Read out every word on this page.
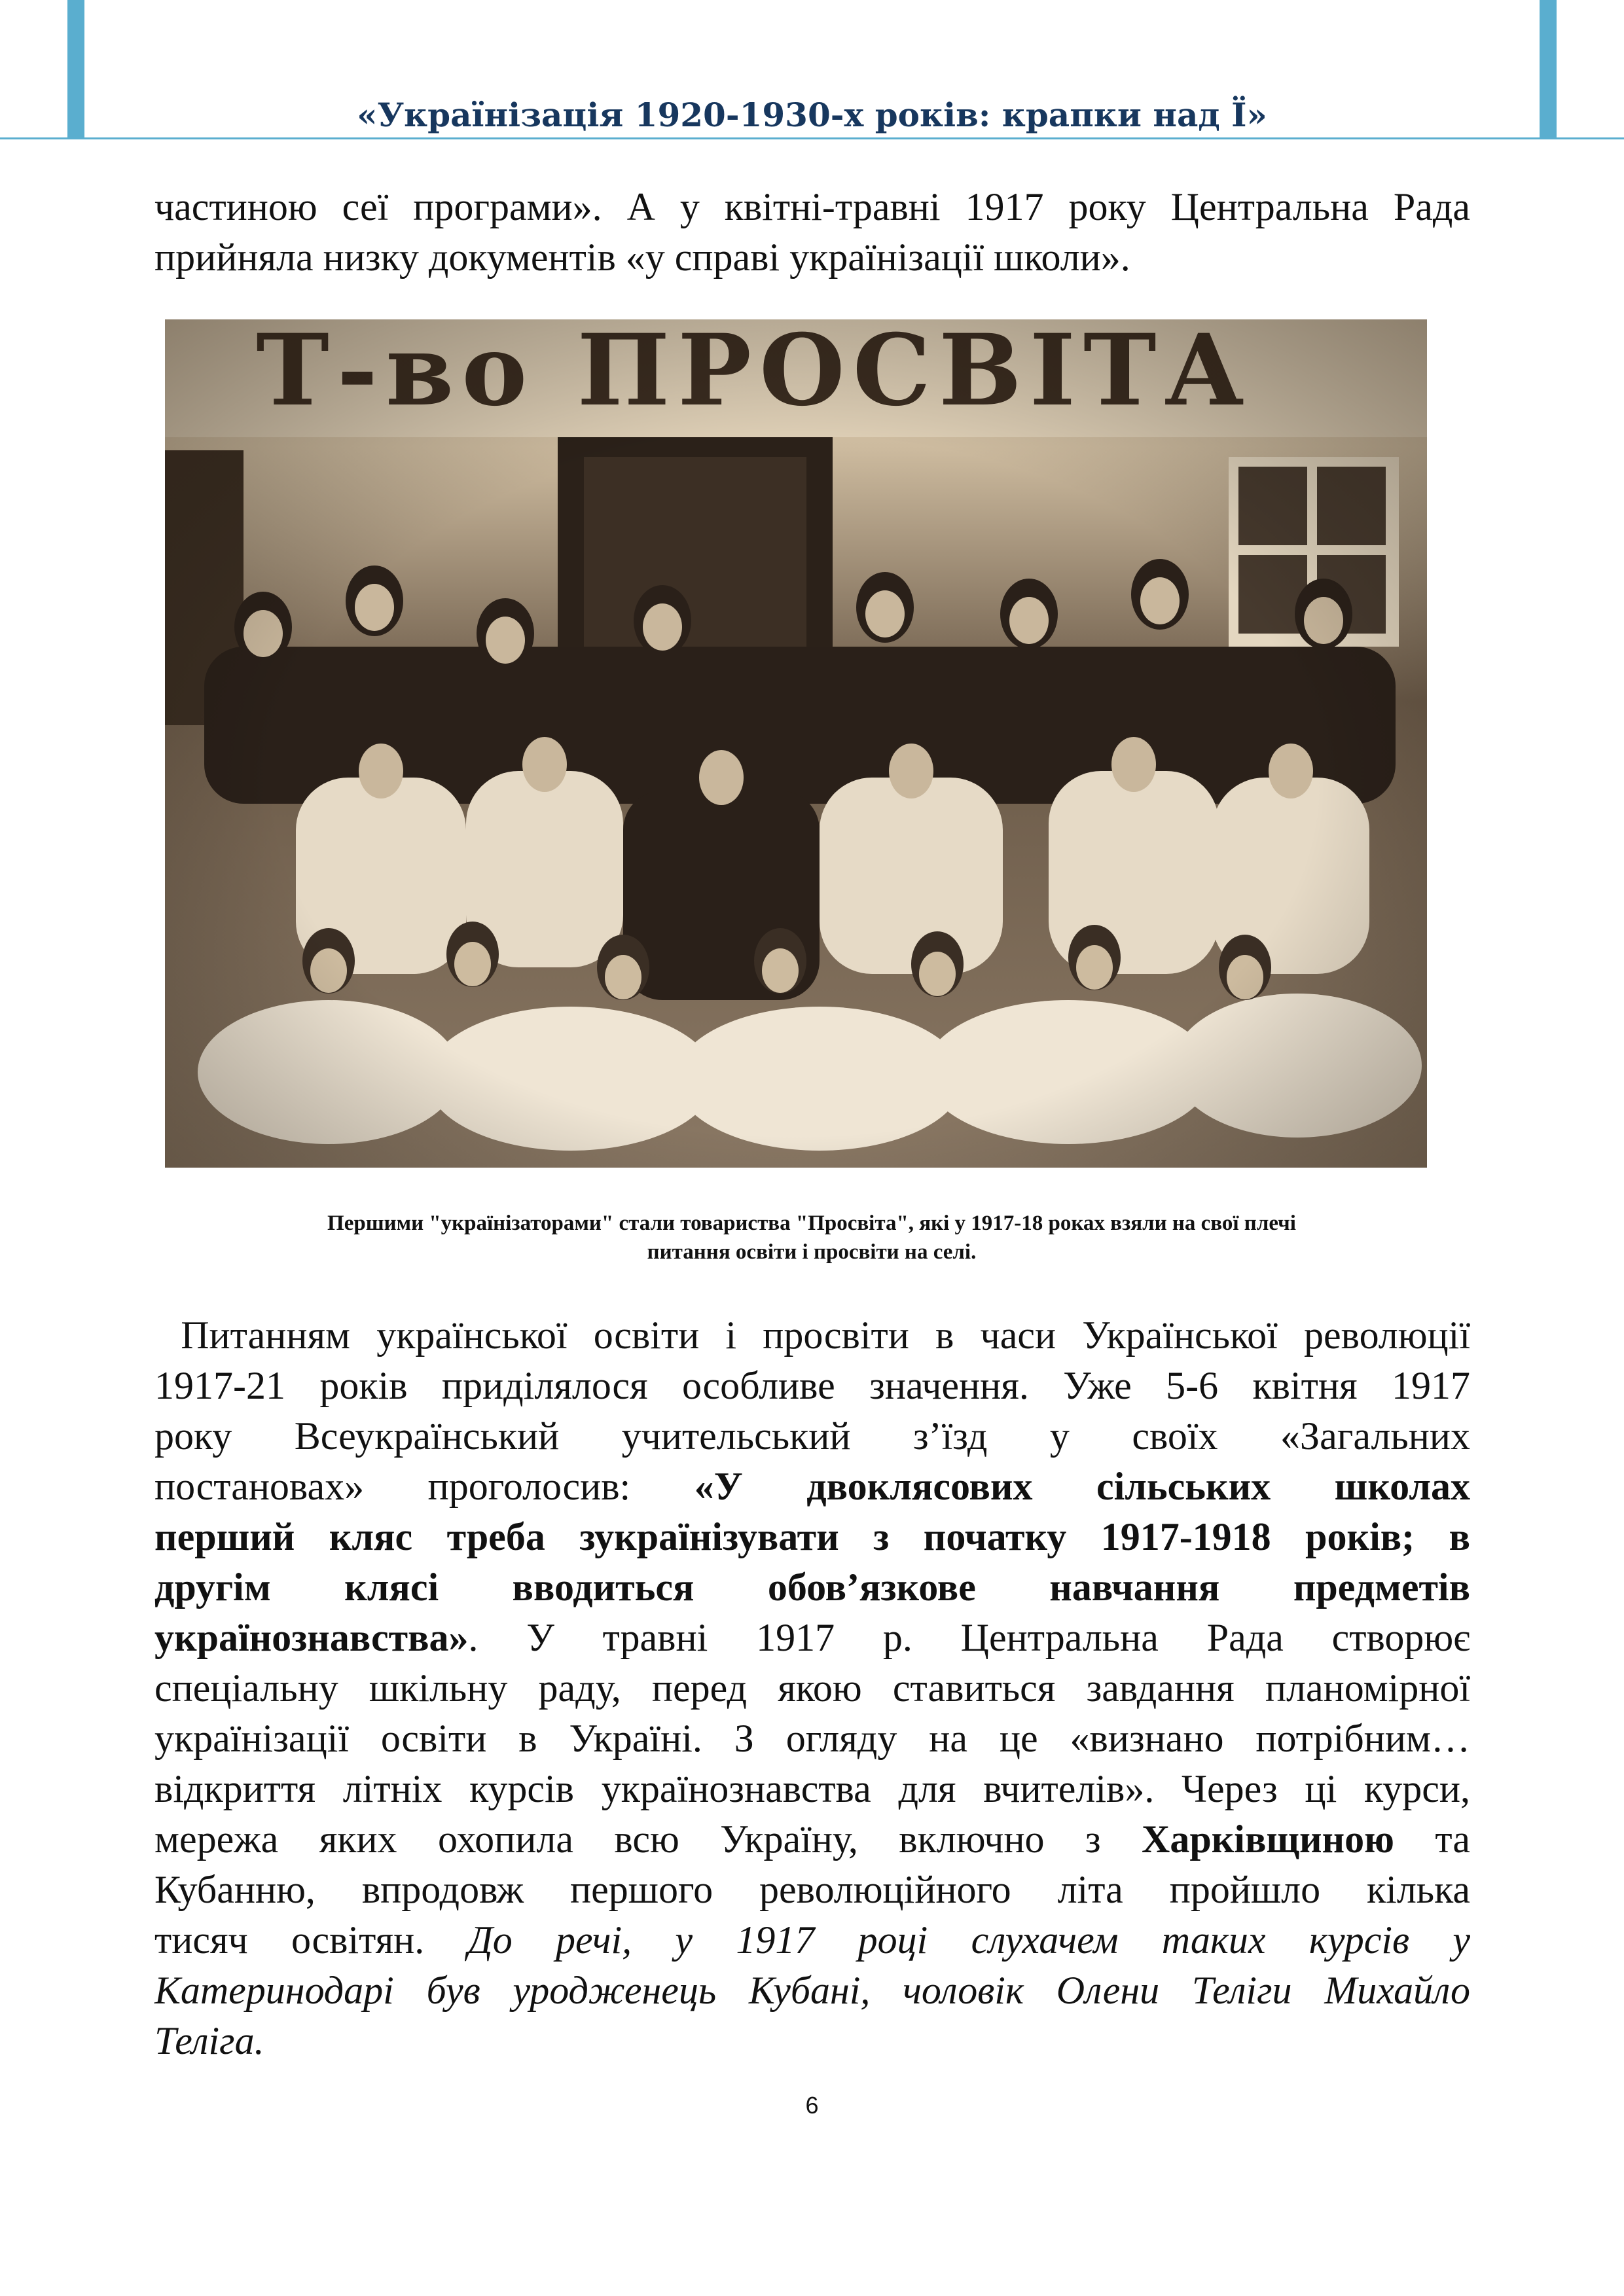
«Українізація 1920-1930-х років: крапки над Ї»
частиною сеї програми». А у квітні-травні 1917 року Центральна Рада
прийняла низку документів «у справі українізації школи».
Першими "українізаторами" стали товариства "Просвіта", які у 1917-18 роках взяли на свої плечі
питання освіти і просвіти на селі.
Питанням української освіти і просвіти в часи Української революції
1917-21 років приділялося особливе значення. Уже 5-6 квітня 1917
року Всеукраїнський учительський з’їзд у своїх «Загальних
постановах» проголосив: «У двоклясових сільських школах
перший кляс треба зукраїнізувати з початку 1917-1918 років; в
другім клясі вводиться обов’язкове навчання предметів
українознавства». У травні 1917 р. Центральна Рада створює
спеціальну шкільну раду, перед якою ставиться завдання планомірної
українізації освіти в Україні. З огляду на це «визнано потрібним…
відкриття літніх курсів українознавства для вчителів». Через ці курси,
мережа яких охопила всю Україну, включно з Харківщиною та
Кубанню, впродовж першого революційного літа пройшло кілька
тисяч освітян. До речі, у 1917 році слухачем таких курсів у
Катеринодарі був уродженець Кубані, чоловік Олени Теліги Михайло
Теліга.
6
